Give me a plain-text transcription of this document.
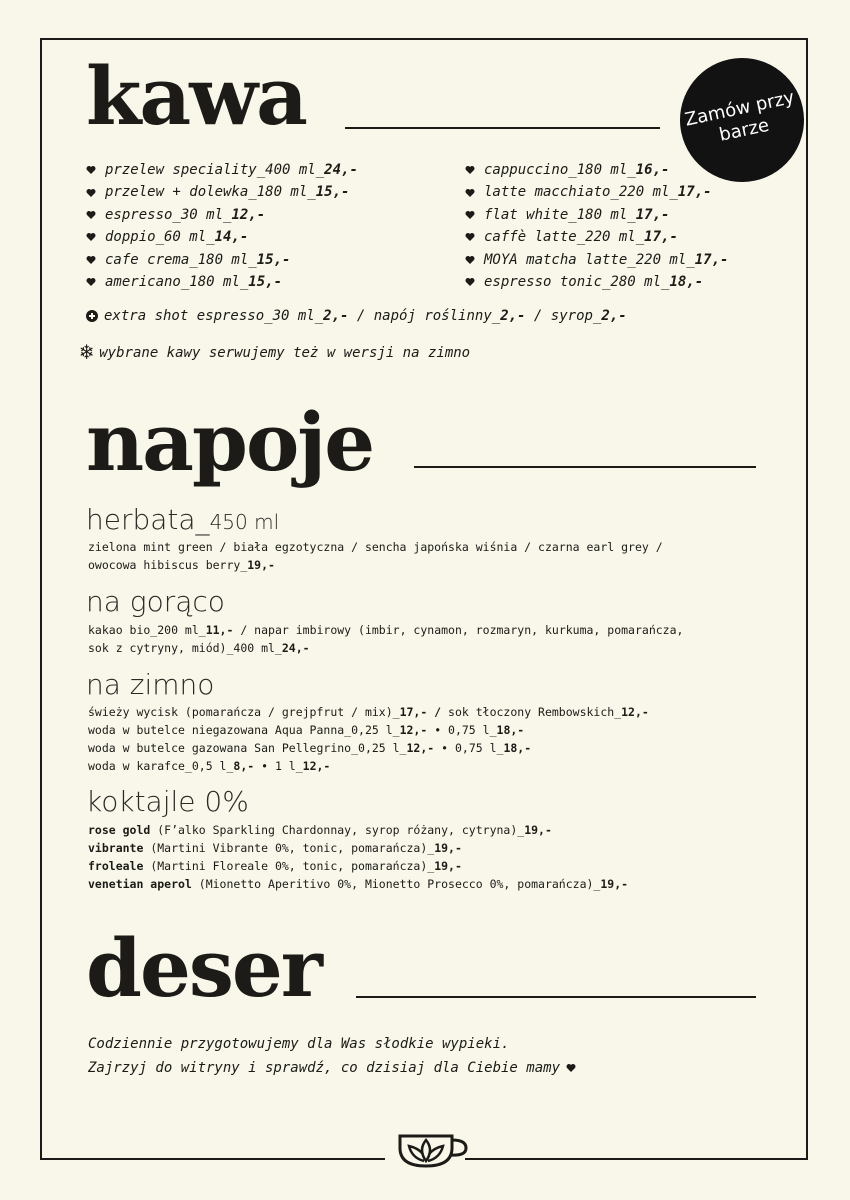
kawa	Zamów przy barze
przelew speciality_400 ml_ 24,-
przelew + dolewka_180 ml_ 15,-
espresso_30 ml_ 12,-
doppio_60 ml_ 14,-
cafe crema_180 ml_ 15,-
americano_180 ml_ 15,-
cappuccino_180 ml_ 16,-
latte macchiato_220 ml_ 17,-
flat white_180 ml_ 17,-
caffè latte_220 ml_ 17,-
MOYA matcha latte_220 ml_ 17,-
espresso tonic_280 ml_ 18,-
extra shot espresso_30 ml_ 2,- / napój roślinny_ 2,- / syrop_ 2,-
❄ wybrane kawy serwujemy też w wersji na zimno
napoje
herbata_450 ml
zielona mint green / biała egzotyczna / sencha japońska wiśnia / czarna earl grey /
owocowa hibiscus berry_19,-
na gorąco
kakao bio_200 ml_11,- / napar imbirowy (imbir, cynamon, rozmaryn, kurkuma, pomarańcza,
sok z cytryny, miód)_400 ml_24,-
na zimno
świeży wycisk (pomarańcza / grejpfrut / mix)_17,- / sok tłoczony Rembowskich_12,-
woda w butelce niegazowana Aqua Panna_0,25 l_12,- • 0,75 l_18,-
woda w butelce gazowana San Pellegrino_0,25 l_12,- • 0,75 l_18,-
woda w karafce_0,5 l_8,- • 1 l_12,-
koktajle 0%
rose gold (F’alko Sparkling Chardonnay, syrop różany, cytryna)_19,-
vibrante (Martini Vibrante 0%, tonic, pomarańcza)_19,-
froleale (Martini Floreale 0%, tonic, pomarańcza)_19,-
venetian aperol (Mionetto Aperitivo 0%, Mionetto Prosecco 0%, pomarańcza)_19,-
deser
Codziennie przygotowujemy dla Was słodkie wypieki.
Zajrzyj do witryny i sprawdź, co dzisiaj dla Ciebie mamy
